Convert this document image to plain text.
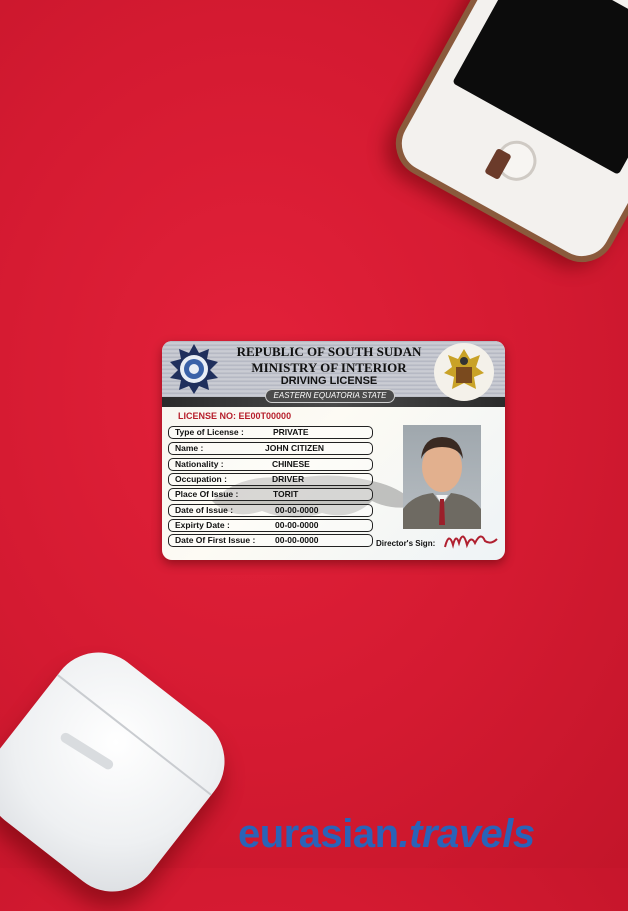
REPUBLIC OF SOUTH SUDAN
MINISTRY OF INTERIOR
DRIVING LICENSE
EASTERN EQUATORIA STATE
LICENSE NO: EE00T00000
Type of License :	PRIVATE
Name :	JOHN CITIZEN
Nationality :	CHINESE
Occupation :	DRIVER
Place Of Issue :	TORIT
Date of Issue :	00-00-0000
Expirty Date :	00-00-0000
Date Of First Issue : 00-00-0000	Director's Sign:
eurasian.travels
